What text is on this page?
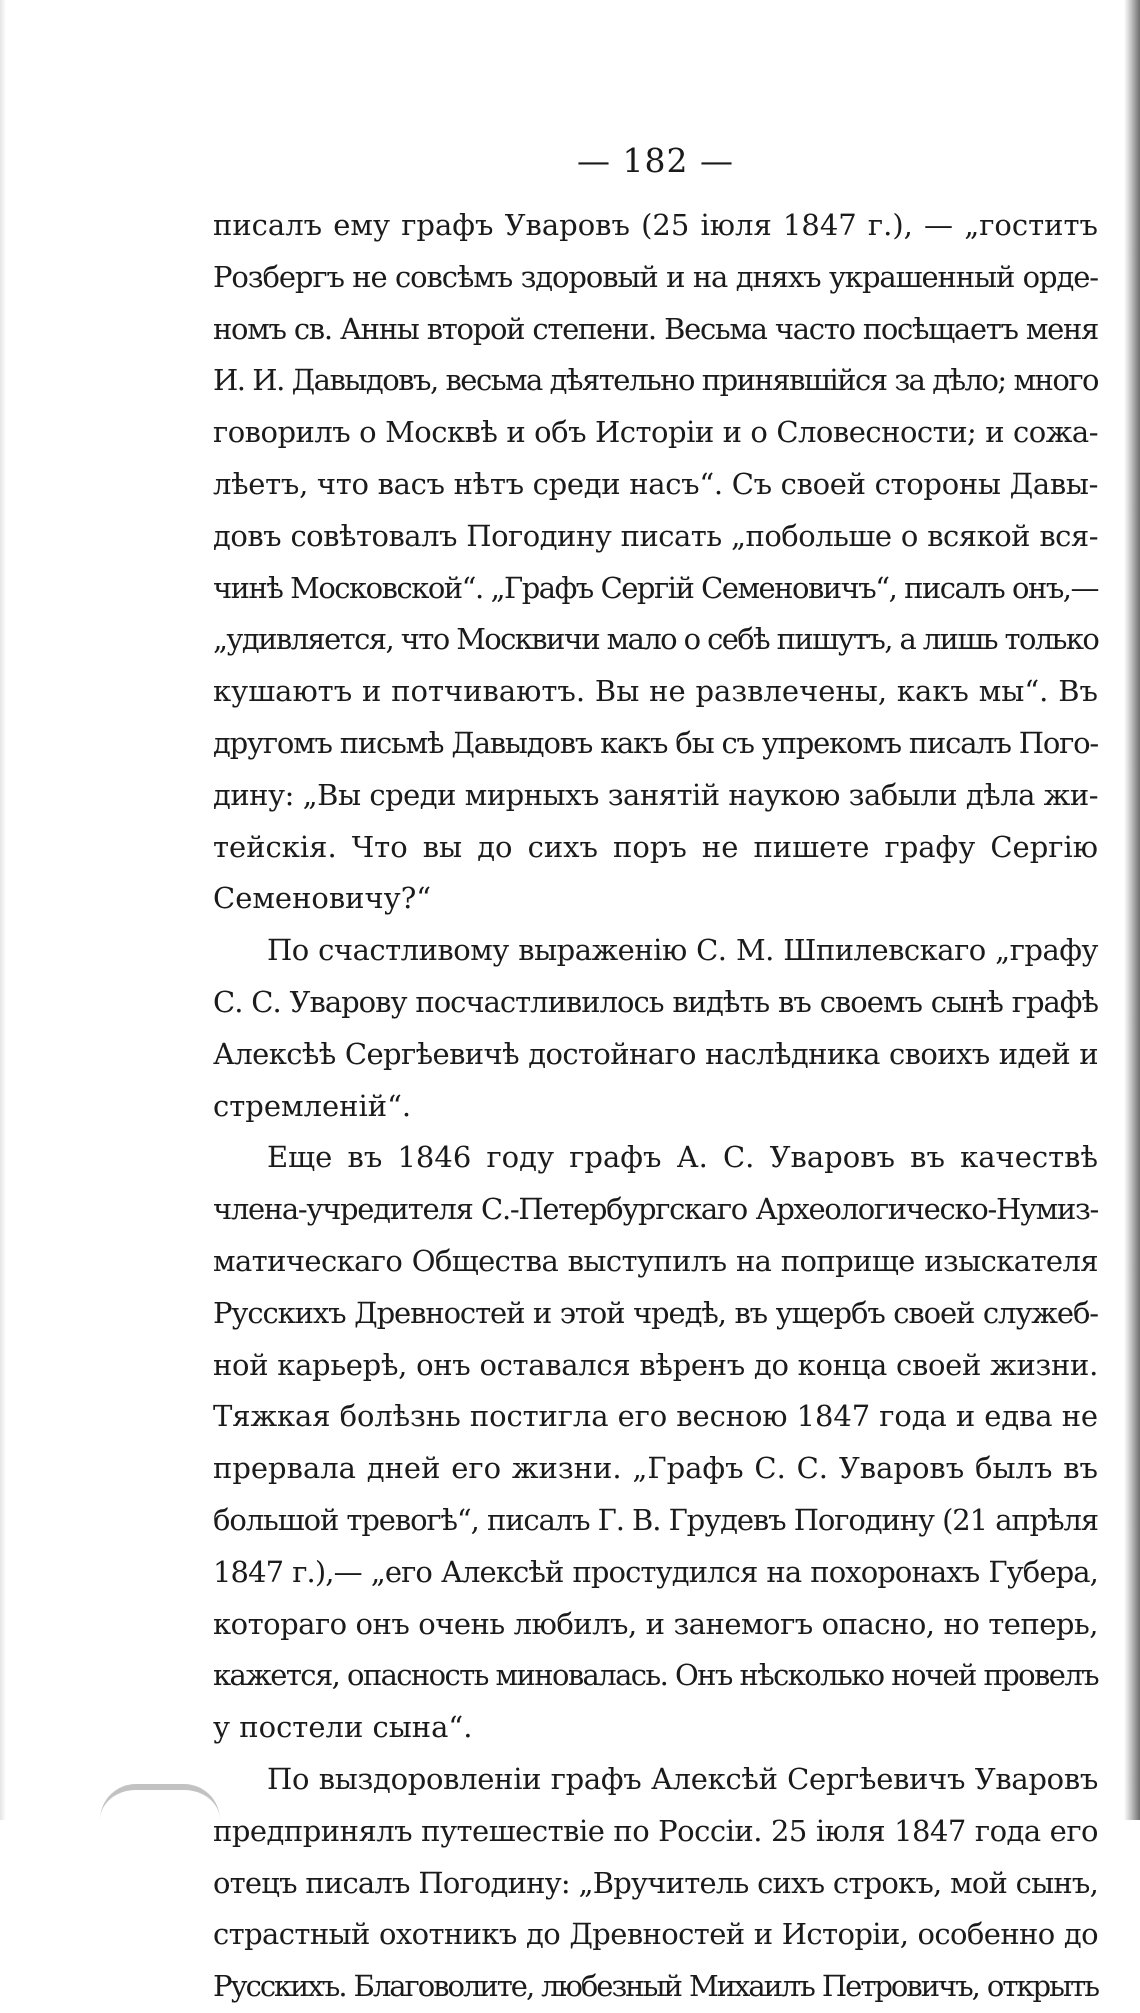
— 182 —
писалъ ему графъ Уваровъ (25 іюля 1847 г.), — „гоститъ
Розбергъ не совсѣмъ здоровый и на дняхъ украшенный орде-
номъ св. Анны второй степени. Весьма часто посѣщаетъ меня
И. И. Давыдовъ, весьма дѣятельно принявшійся за дѣло; много
говорилъ о Москвѣ и объ Исторіи и о Словесности; и сожа-
лѣетъ, что васъ нѣтъ среди насъ“. Съ своей стороны Давы-
довъ совѣтовалъ Погодину писать „побольше о всякой вся-
чинѣ Московской“. „Графъ Сергій Семеновичъ“, писалъ онъ,—
„удивляется, что Москвичи мало о себѣ пишутъ, а лишь только
кушаютъ и потчиваютъ. Вы не развлечены, какъ мы“. Въ
другомъ письмѣ Давыдовъ какъ бы съ упрекомъ писалъ Пого-
дину: „Вы среди мирныхъ занятій наукою забыли дѣла жи-
тейскія. Что вы до сихъ поръ не пишете графу Сергію
Семеновичу?“
По счастливому выраженію С. М. Шпилевскаго „графу
С. С. Уварову посчастливилось видѣть въ своемъ сынѣ графѣ
Алексѣѣ Сергѣевичѣ достойнаго наслѣдника своихъ идей и
стремленій“.
Еще въ 1846 году графъ А. С. Уваровъ въ качествѣ
члена-учредителя С.-Петербургскаго Археологическо-Нумиз-
матическаго Общества выступилъ на поприще изыскателя
Русскихъ Древностей и этой чредѣ, въ ущербъ своей служеб-
ной карьерѣ, онъ оставался вѣренъ до конца своей жизни.
Тяжкая болѣзнь постигла его весною 1847 года и едва не
прервала дней его жизни. „Графъ С. С. Уваровъ былъ въ
большой тревогѣ“, писалъ Г. В. Грудевъ Погодину (21 апрѣля
1847 г.),— „его Алексѣй простудился на похоронахъ Губера,
котораго онъ очень любилъ, и занемогъ опасно, но теперь,
кажется, опасность миновалась. Онъ нѣсколько ночей провелъ
у постели сына“.
По выздоровленіи графъ Алексѣй Сергѣевичъ Уваровъ
предпринялъ путешествіе по Россіи. 25 іюля 1847 года его
отецъ писалъ Погодину: „Вручитель сихъ строкъ, мой сынъ,
страстный охотникъ до Древностей и Исторіи, особенно до
Русскихъ. Благоволите, любезный Михаилъ Петровичъ, открыть
